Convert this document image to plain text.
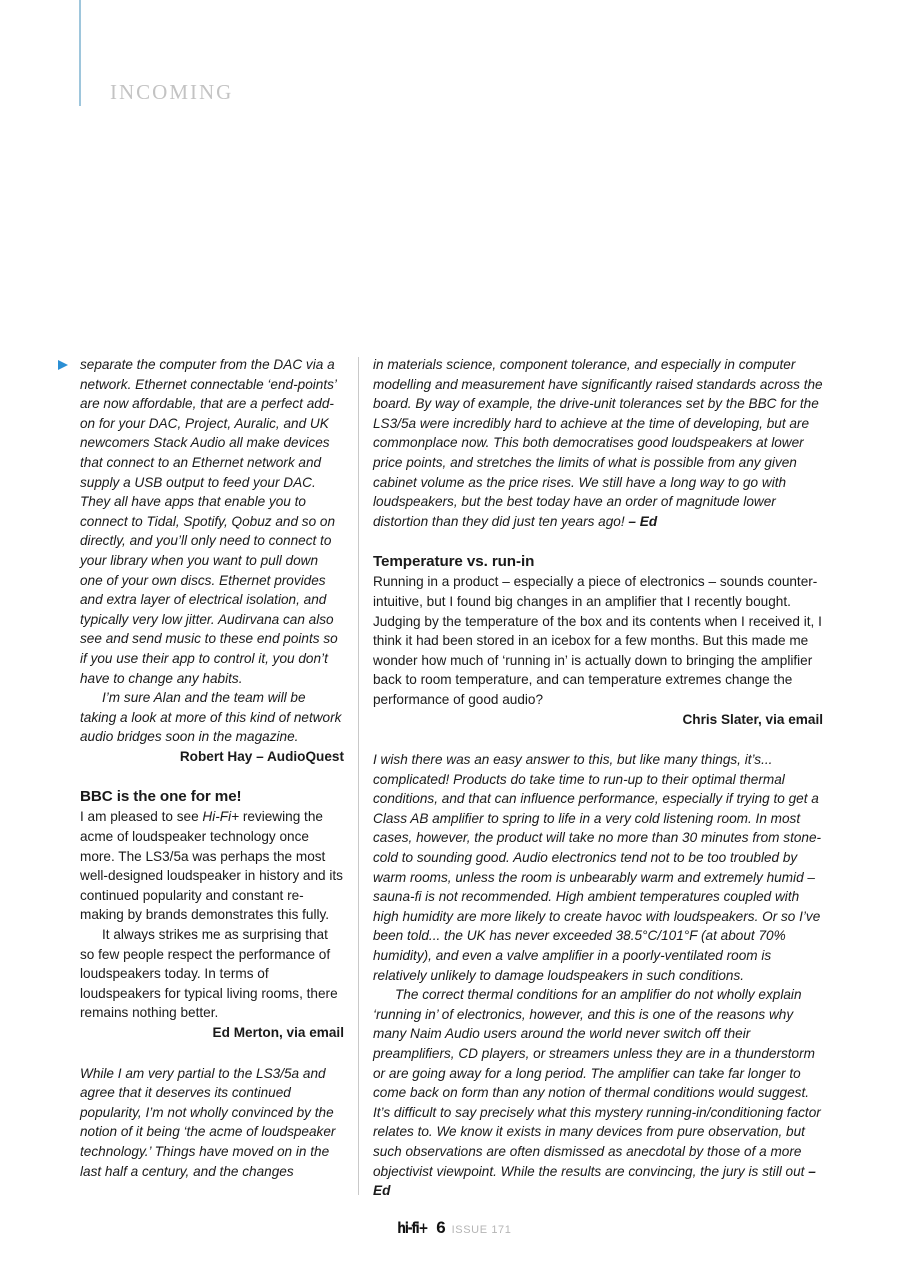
INCOMING

separate the computer from the DAC via a network. Ethernet connectable ‘end-points’ are now affordable, that are a perfect add-on for your DAC, Project, Auralic, and UK newcomers Stack Audio all make devices that connect to an Ethernet network and supply a USB output to feed your DAC. They all have apps that enable you to connect to Tidal, Spotify, Qobuz and so on directly, and you’ll only need to connect to your library when you want to pull down one of your own discs. Ethernet provides and extra layer of electrical isolation, and typically very low jitter. Audirvana can also see and send music to these end points so if you use their app to control it, you don’t have to change any habits.

I’m sure Alan and the team will be taking a look at more of this kind of network audio bridges soon in the magazine.

Robert Hay – AudioQuest

BBC is the one for me!

I am pleased to see Hi-Fi+ reviewing the acme of loudspeaker technology once more. The LS3/5a was perhaps the most well-designed loudspeaker in history and its continued popularity and constant re-making by brands demonstrates this fully.

It always strikes me as surprising that so few people respect the performance of loudspeakers today. In terms of loudspeakers for typical living rooms, there remains nothing better.

Ed Merton, via email

While I am very partial to the LS3/5a and agree that it deserves its continued popularity, I’m not wholly convinced by the notion of it being ‘the acme of loudspeaker technology.’ Things have moved on in the last half a century, and the changes

in materials science, component tolerance, and especially in computer modelling and measurement have significantly raised standards across the board. By way of example, the drive-unit tolerances set by the BBC for the LS3/5a were incredibly hard to achieve at the time of developing, but are commonplace now. This both democratises good loudspeakers at lower price points, and stretches the limits of what is possible from any given cabinet volume as the price rises. We still have a long way to go with loudspeakers, but the best today have an order of magnitude lower distortion than they did just ten years ago! – Ed

Temperature vs. run-in

Running in a product – especially a piece of electronics – sounds counter-intuitive, but I found big changes in an amplifier that I recently bought. Judging by the temperature of the box and its contents when I received it, I think it had been stored in an icebox for a few months. But this made me wonder how much of ‘running in’ is actually down to bringing the amplifier back to room temperature, and can temperature extremes change the performance of good audio?

Chris Slater, via email

I wish there was an easy answer to this, but like many things, it’s... complicated! Products do take time to run-up to their optimal thermal conditions, and that can influence performance, especially if trying to get a Class AB amplifier to spring to life in a very cold listening room. In most cases, however, the product will take no more than 30 minutes from stone-cold to sounding good. Audio electronics tend not to be too troubled by warm rooms, unless the room is unbearably warm and extremely humid – sauna-fi is not recommended. High ambient temperatures coupled with high humidity are more likely to create havoc with loudspeakers. Or so I’ve been told... the UK has never exceeded 38.5°C/101°F (at about 70% humidity), and even a valve amplifier in a poorly-ventilated room is relatively unlikely to damage loudspeakers in such conditions.

The correct thermal conditions for an amplifier do not wholly explain ‘running in’ of electronics, however, and this is one of the reasons why many Naim Audio users around the world never switch off their preamplifiers, CD players, or streamers unless they are in a thunderstorm or are going away for a long period. The amplifier can take far longer to come back on form than any notion of thermal conditions would suggest. It’s difficult to say precisely what this mystery running-in/conditioning factor relates to. We know it exists in many devices from pure observation, but such observations are often dismissed as anecdotal by those of a more objectivist viewpoint. While the results are convincing, the jury is still out – Ed

hi-fi+ 6 ISSUE 171
